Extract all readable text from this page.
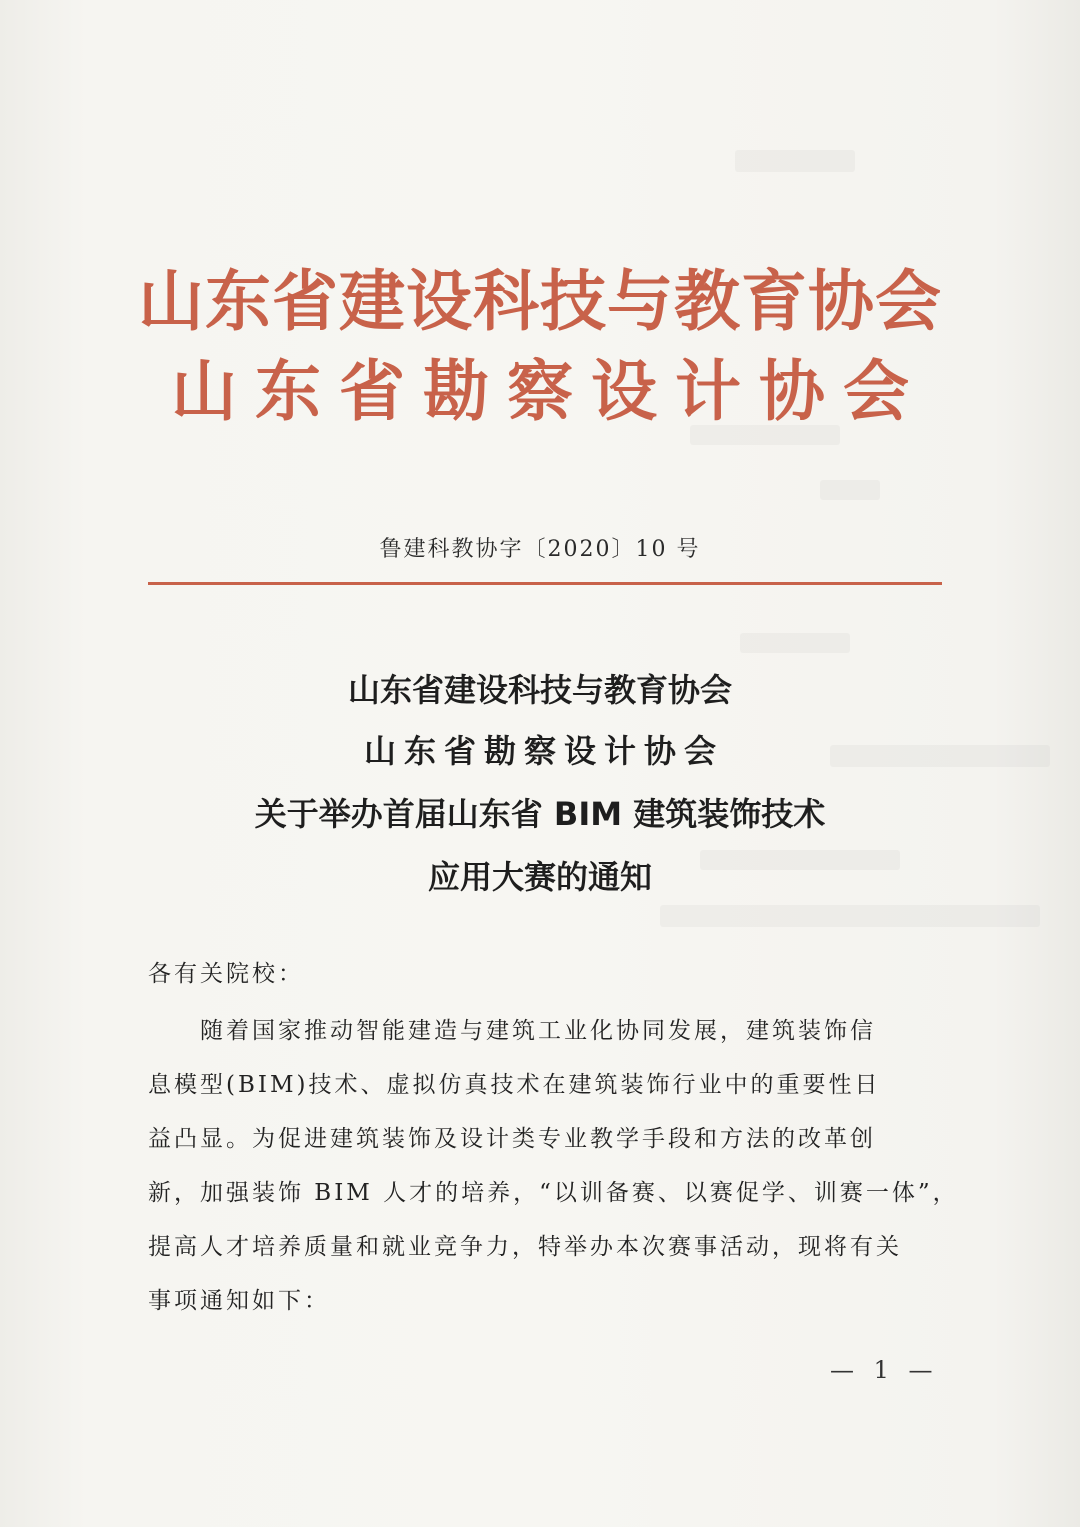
山东省建设科技与教育协会
山东省勘察设计协会
鲁建科教协字〔2020〕10 号
山东省建设科技与教育协会
山东省勘察设计协会
关于举办首届山东省 BIM 建筑装饰技术
应用大赛的通知
各有关院校：
随着国家推动智能建造与建筑工业化协同发展，建筑装饰信
息模型(BIM)技术、虚拟仿真技术在建筑装饰行业中的重要性日
益凸显。为促进建筑装饰及设计类专业教学手段和方法的改革创
新，加强装饰 BIM 人才的培养，“以训备赛、以赛促学、训赛一体”，
提高人才培养质量和就业竞争力，特举办本次赛事活动，现将有关
事项通知如下：
— 1 —
